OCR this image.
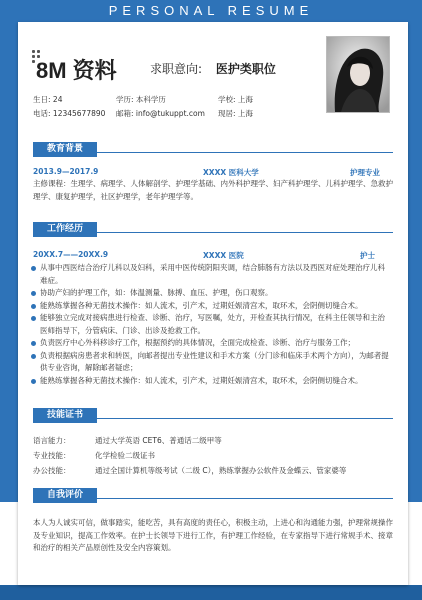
PERSONAL RESUME
8M 资料	求职意向: 医护类职位
生日: 24	学历: 本科学历	学校: 上海
电话: 12345677890 邮箱: info@tukuppt.com 现居: 上海
教育背景
2013.9—2017.9	XXXX 医科大学	护理专业
主修课程：生理学、病理学、人体解剖学、护理学基础、内外科护理学、妇产科护理学、儿科护理学、急救护理学、康复护理学，社区护理学，老年护理学等。
工作经历
20XX.7——20XX.9	XXXX 医院	护士
从事中西医结合治疗儿科以及妇科，采用中医传统阴阳夹调，结合肺肠有方法以及西医对症处理治疗儿科难症。
协助产妇的护理工作，如：体温测量、脉搏、血压、护理，伤口观察。
能熟练掌握各种无菌技术操作：如人流术，引产术，过期妊娠清宫术，取环术，会阴侧切缝合术。
能够独立完成对接病患进行检查、诊断、治疗，写医嘱，处方，开检查其执行情况，在科主任领导和主治医师指导下，分管病床、门诊、出诊及抢救工作。
负责医疗中心外科移诊疗工作，根据预约的具体情况，全面完成检查、诊断、治疗与服务工作；
负责根据病房患者求和转医，向邮者提出专业性建议和手术方案（分门诊和临床手术两个方向），为邮者提供专业咨询，解除邮者疑虑；
能熟练掌握各种无菌技术操作：如人流术，引产术，过期妊娠清宫术，取环术，会阴侧切缝合术。
技能证书
语言能力：	通过大学英语 CET6、普通话二级甲等
专业技能：	化学检验二级证书
办公技能：	通过全国计算机等级考试（二级 C），熟练掌握办公软件及金蝶云、管家婆等
自我评价
本人为人诚实可信，做事踏实，能吃苦，具有高度的责任心，积极主动，上进心和沟通能力强，护理常规操作及专业知识，提高工作效率。在护士长领导下进行工作，有护理工作经验，在专家指导下进行常规手术、接章和治疗的相关产品原创性及安全内容策划。
